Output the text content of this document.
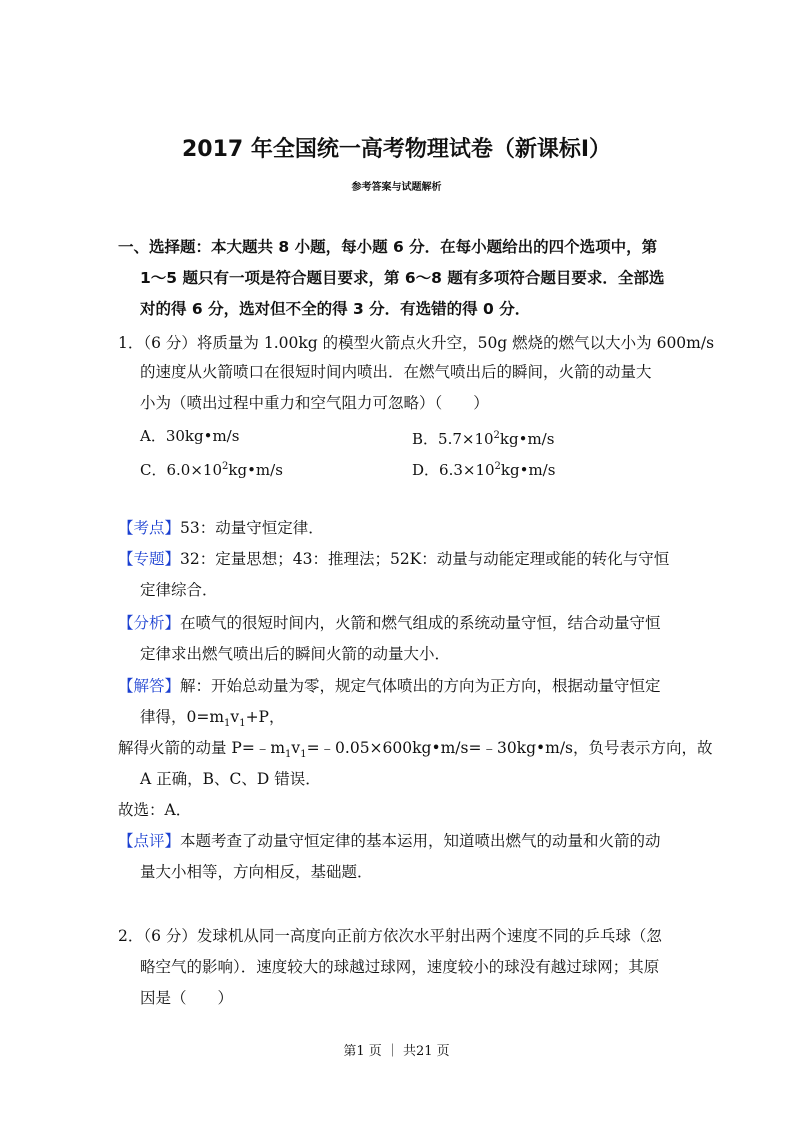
2017 年全国统一高考物理试卷（新课标Ⅰ）
参考答案与试题解析
一、选择题：本大题共 8 小题，每小题 6 分．在每小题给出的四个选项中，第
1～5 题只有一项是符合题目要求，第 6～8 题有多项符合题目要求．全部选
对的得 6 分，选对但不全的得 3 分．有选错的得 0 分．
1．（6 分）将质量为 1.00kg 的模型火箭点火升空，50g 燃烧的燃气以大小为 600m/s
的速度从火箭喷口在很短时间内喷出．在燃气喷出后的瞬间，火箭的动量大
小为（喷出过程中重力和空气阻力可忽略）（　　）
A．30kg•m/s	B．$5.7\times 10^2kg•m/s$
C．$6.0\times 10^2kg•m/s$	D．$6.3\times 10^2kg•m/s$
【考点】53：动量守恒定律．
【专题】32：定量思想；43：推理法；52K：动量与动能定理或能的转化与守恒
定律综合．
【分析】在喷气的很短时间内，火箭和燃气组成的系统动量守恒，结合动量守恒
定律求出燃气喷出后的瞬间火箭的动量大小．
【解答】解：开始总动量为零，规定气体喷出的方向为正方向，根据动量守恒定
律得，$0=m_1v_1+P$，
解得火箭的动量 $P=﹣m_1v_1=﹣0.05\times 600kg•m/s=﹣30kg•m/s$，负号表示方向，故
A 正确，B、C、D 错误．
故选：A．
【点评】本题考查了动量守恒定律的基本运用，知道喷出燃气的动量和火箭的动
量大小相等，方向相反，基础题．
2．（6 分）发球机从同一高度向正前方依次水平射出两个速度不同的乒乓球（忽
略空气的影响）．速度较大的球越过球网，速度较小的球没有越过球网；其原
因是（　　）
第1 页 ｜ 共21 页
